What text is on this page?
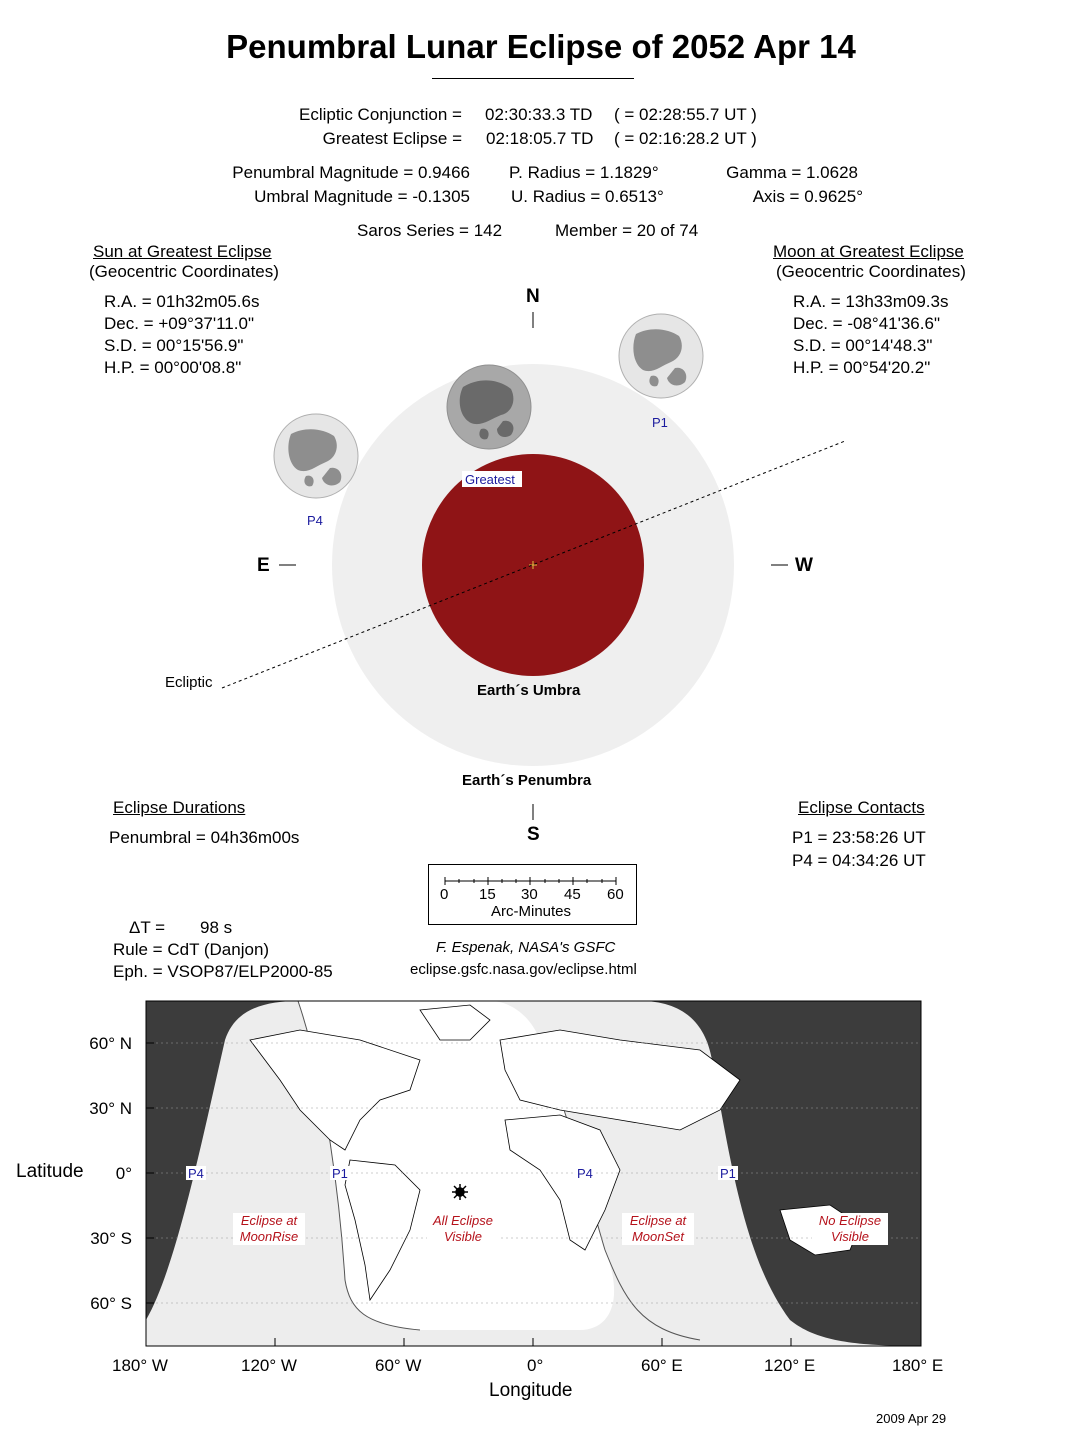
Penumbral Lunar Eclipse of 2052 Apr 14
Ecliptic Conjunction = 02:30:33.3 TD ( = 02:28:55.7 UT )
Greatest Eclipse = 02:18:05.7 TD ( = 02:16:28.2 UT )
Penumbral Magnitude = 0.9466
Umbral Magnitude = -0.1305
P. Radius = 1.1829°
U. Radius = 0.6513°
Gamma = 1.0628
Axis = 0.9625°
Saros Series = 142	Member = 20 of 74
Sun at Greatest Eclipse
(Geocentric Coordinates)
R.A. = 01h32m05.6s
Dec. = +09°37'11.0"
S.D. = 00°15'56.9"
H.P. = 00°00'08.8"
Moon at Greatest Eclipse
(Geocentric Coordinates)
R.A. = 13h33m09.3s
Dec. = -08°41'36.6"
S.D. = 00°14'48.3"
H.P. = 00°54'20.2"
N
S
E	W
P1
P4
Greatest
Ecliptic	Earth´s Umbra
Earth´s Penumbra
Eclipse Durations
Penumbral = 04h36m00s
Eclipse Contacts
P1 = 23:58:26 UT
P4 = 04:34:26 UT
0 15 30 45 60
Arc-Minutes
ΔT = 98 s
Rule = CdT (Danjon)
Eph. = VSOP87/ELP2000-85
F. Espenak, NASA's GSFC
eclipse.gsfc.nasa.gov/eclipse.html
P4	P1	P4	P1
Eclipse at
MoonRise
All Eclipse
Visible
Eclipse at
MoonSet
No Eclipse
Visible
60° N
30° N
0°
30° S
60° S
Latitude
180° W	120° W	60° W	0°	60° E	120° E	180° E
Longitude
2009 Apr 29
